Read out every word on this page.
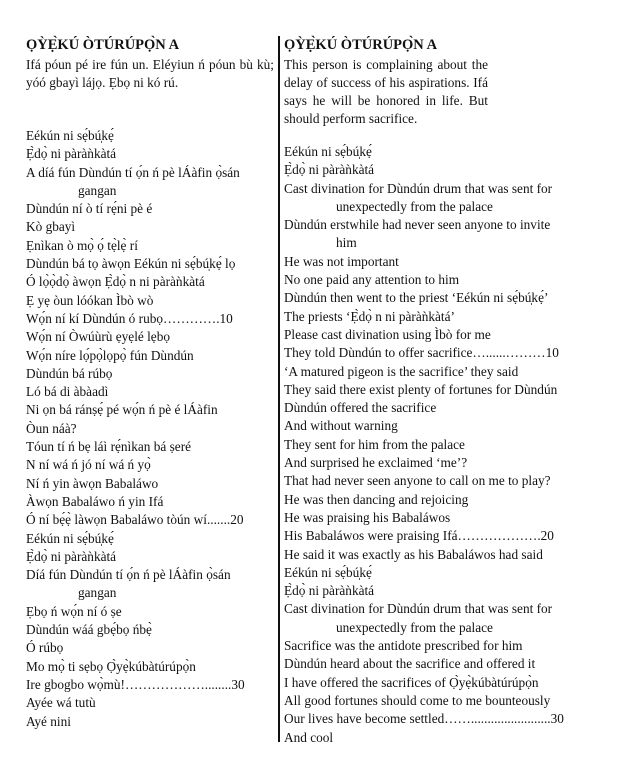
ỌỲẸ̀KÚ ÒTÚRÚPỌ̀N A
Ifá póun pé ire fún un. Eléyiun ń póun bù kù; yóó gbayì lájọ. Ẹbọ ni kó rú.
Eékún ni sẹ́bú̩kẹ́
Ẹ̀dọ̀ ni pàràǹkàtá
A díá fún Dùndún tí ọ́n ń pè lÁàfin ọ̀sán
gangan
Dùndún ní ò tí rẹ́ni pè é
Kò gbayì
Ẹnìkan ò mọ̀ ọ́ tẹ̀lẹ̀ rí
Dùndún bá tọ àwọn Eékún ni sẹ́bú̩kẹ́ lọ
Ó lọ̀ọ̀dọ̀ àwọn Ẹ̀dọ̀ n ni pàràǹkàtá
Ẹ yẹ òun lóókan Ìbò wò
Wọ́n ní kí Dùndún ó rubọ………….10
Wọ́n ní Òwúùrù ẹyẹlé lẹbọ
Wọ́n níre lọ́pọ̀lọpọ̀ fún Dùndún
Dùndún bá rúbọ
Ló bá di àbàadì
Ni ọn bá ránṣẹ́ pé wọ́n ń pè é lÁàfin
Òun náà?
Tóun tí ń bẹ láì rẹ́nìkan bá ṣeré
N ní wá ń jó ní wá ń yọ̀
Ní ń yin àwọn Babaláwo
Àwọn Babaláwo ń yin Ifá
Ó ní bẹ́ẹ̀ làwọn Babaláwo tòún wí.......20
Eékún ni sẹ́bú̩kẹ́
Ẹ̀dọ̀ ni pàràǹkàtá
Díá fún Dùndún tí ọ́n ń pè lÁàfin ọ̀sán
gangan
Ẹbọ ń wọ́n ní ó ṣe
Dùndún wáá gbẹ́bọ ńbẹ̀
Ó rúbọ
Mo mọ̀ ti sẹbọ Ọ̀yẹ̀kúbàtúrúpọ̀n
Ire gbogbo wọ̀mù!………………........30
Ayée wá tutù
Ayé nini
ỌỲẸ̀KÚ ÒTÚRÚPỌ̀N A
This person is complaining about the delay of success of his aspirations. Ifá says he will be honored in life. But should perform sacrifice.
Eékún ni sẹ́bú̩kẹ́
Ẹ̀dọ̀ ni pàràǹkàtá
Cast divination for Dùndún drum that was sent for
unexpectedly from the palace
Dùndún erstwhile had never seen anyone to invite
him
He was not important
No one paid any attention to him
Dùndún then went to the priest ‘Eékún ni sẹ́bú̩kẹ́’
The priests ‘Ẹ̀dọ̀ n ni pàràǹkàtá’
Please cast divination using Ìbò for me
They told Dùndún to offer sacrifice…......………10
‘A matured pigeon is the sacrifice’ they said
They said there exist plenty of fortunes for Dùndún
Dùndún offered the sacrifice
And without warning
They sent for him from the palace
And surprised he exclaimed ‘me’?
That had never seen anyone to call on me to play?
He was then dancing and rejoicing
He was praising his Babaláwos
His Babaláwos were praising Ifá……………….20
He said it was exactly as his Babaláwos had said
Eékún ni sẹ́bú̩kẹ́
Ẹ̀dọ̀ ni pàràǹkàtá
Cast divination for Dùndún drum that was sent for
unexpectedly from the palace
Sacrifice was the antidote prescribed for him
Dùndún heard about the sacrifice and offered it
I have offered the sacrifices of Ọ̀yẹ̀kúbàtúrúpọ̀n
All good fortunes should come to me bounteously
Our lives have become settled……........................30
And cool
